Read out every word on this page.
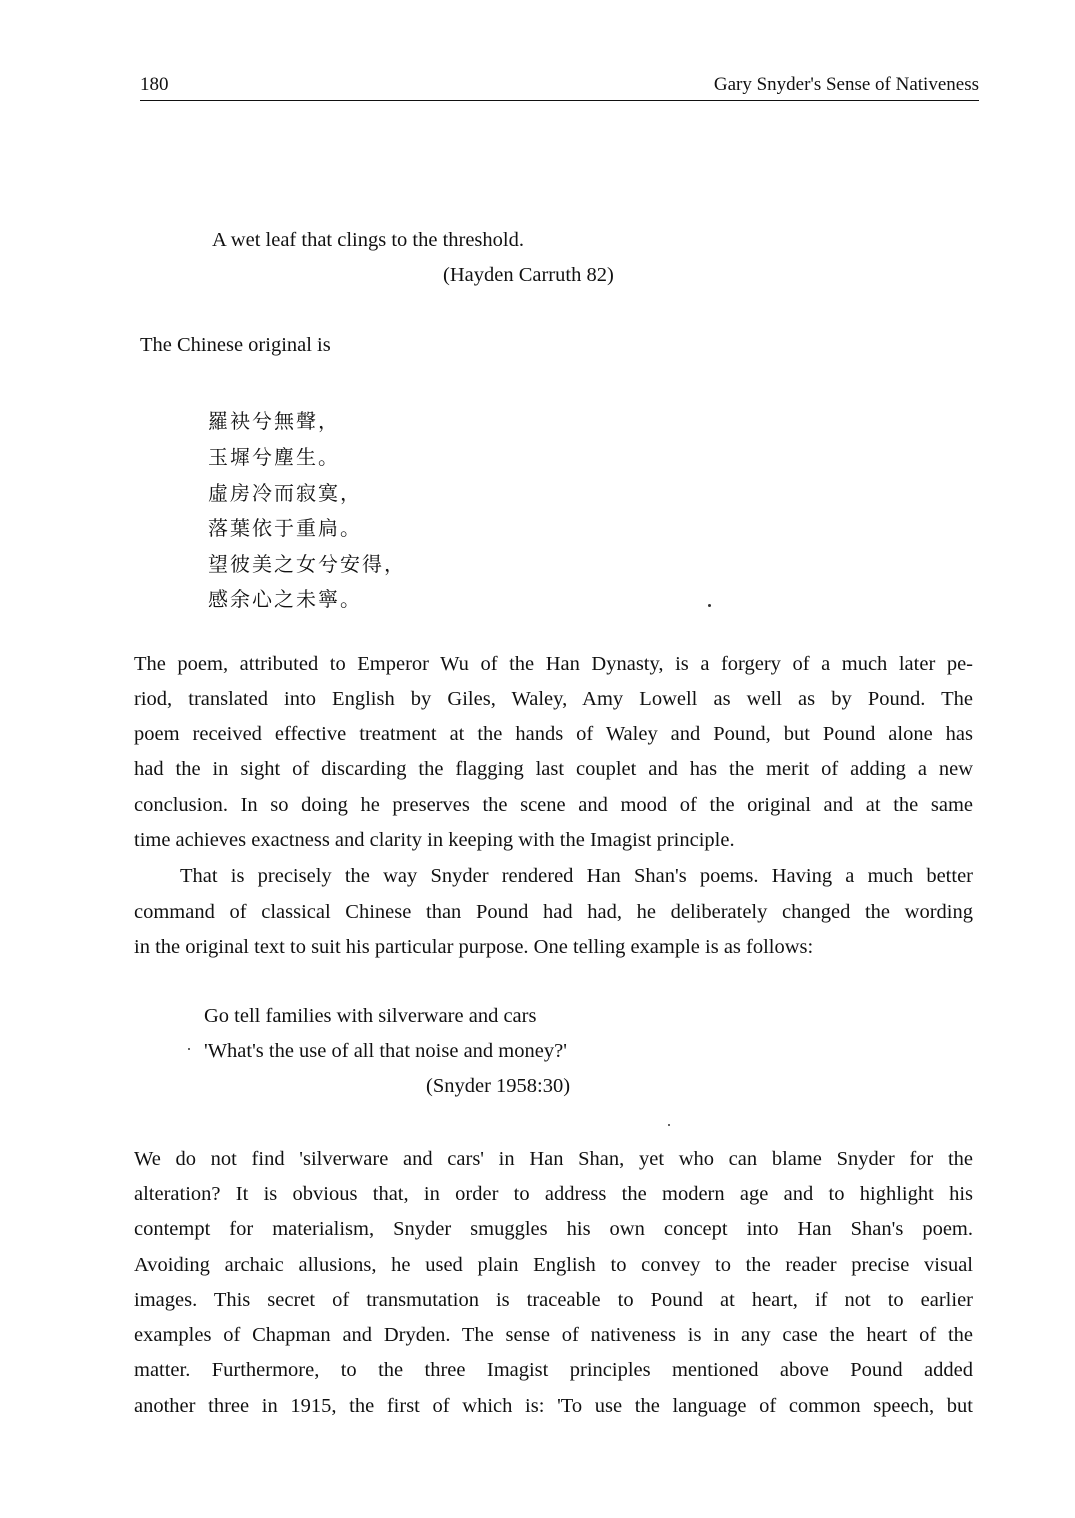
180	Gary Snyder's Sense of Nativeness
A wet leaf that clings to the threshold.
(Hayden Carruth 82)
The Chinese original is
羅袂兮無聲，
玉墀兮塵生。
虛房冷而寂寞，
落葉依于重扃。
望彼美之女兮安得，
感余心之未寧。
The poem, attributed to Emperor Wu of the Han Dynasty, is a forgery of a much later pe-
riod, translated into English by Giles, Waley, Amy Lowell as well as by Pound. The
poem received effective treatment at the hands of Waley and Pound, but Pound alone has
had the in sight of discarding the flagging last couplet and has the merit of adding a new
conclusion. In so doing he preserves the scene and mood of the original and at the same
time achieves exactness and clarity in keeping with the Imagist principle.
That is precisely the way Snyder rendered Han Shan's poems. Having a much better
command of classical Chinese than Pound had had, he deliberately changed the wording
in the original text to suit his particular purpose. One telling example is as follows:
Go tell families with silverware and cars
'What's the use of all that noise and money?'
(Snyder 1958:30)
We do not find 'silverware and cars' in Han Shan, yet who can blame Snyder for the
alteration? It is obvious that, in order to address the modern age and to highlight his
contempt for materialism, Snyder smuggles his own concept into Han Shan's poem.
Avoiding archaic allusions, he used plain English to convey to the reader precise visual
images. This secret of transmutation is traceable to Pound at heart, if not to earlier
examples of Chapman and Dryden. The sense of nativeness is in any case the heart of the
matter. Furthermore, to the three Imagist principles mentioned above Pound added
another three in 1915, the first of which is: 'To use the language of common speech, but
